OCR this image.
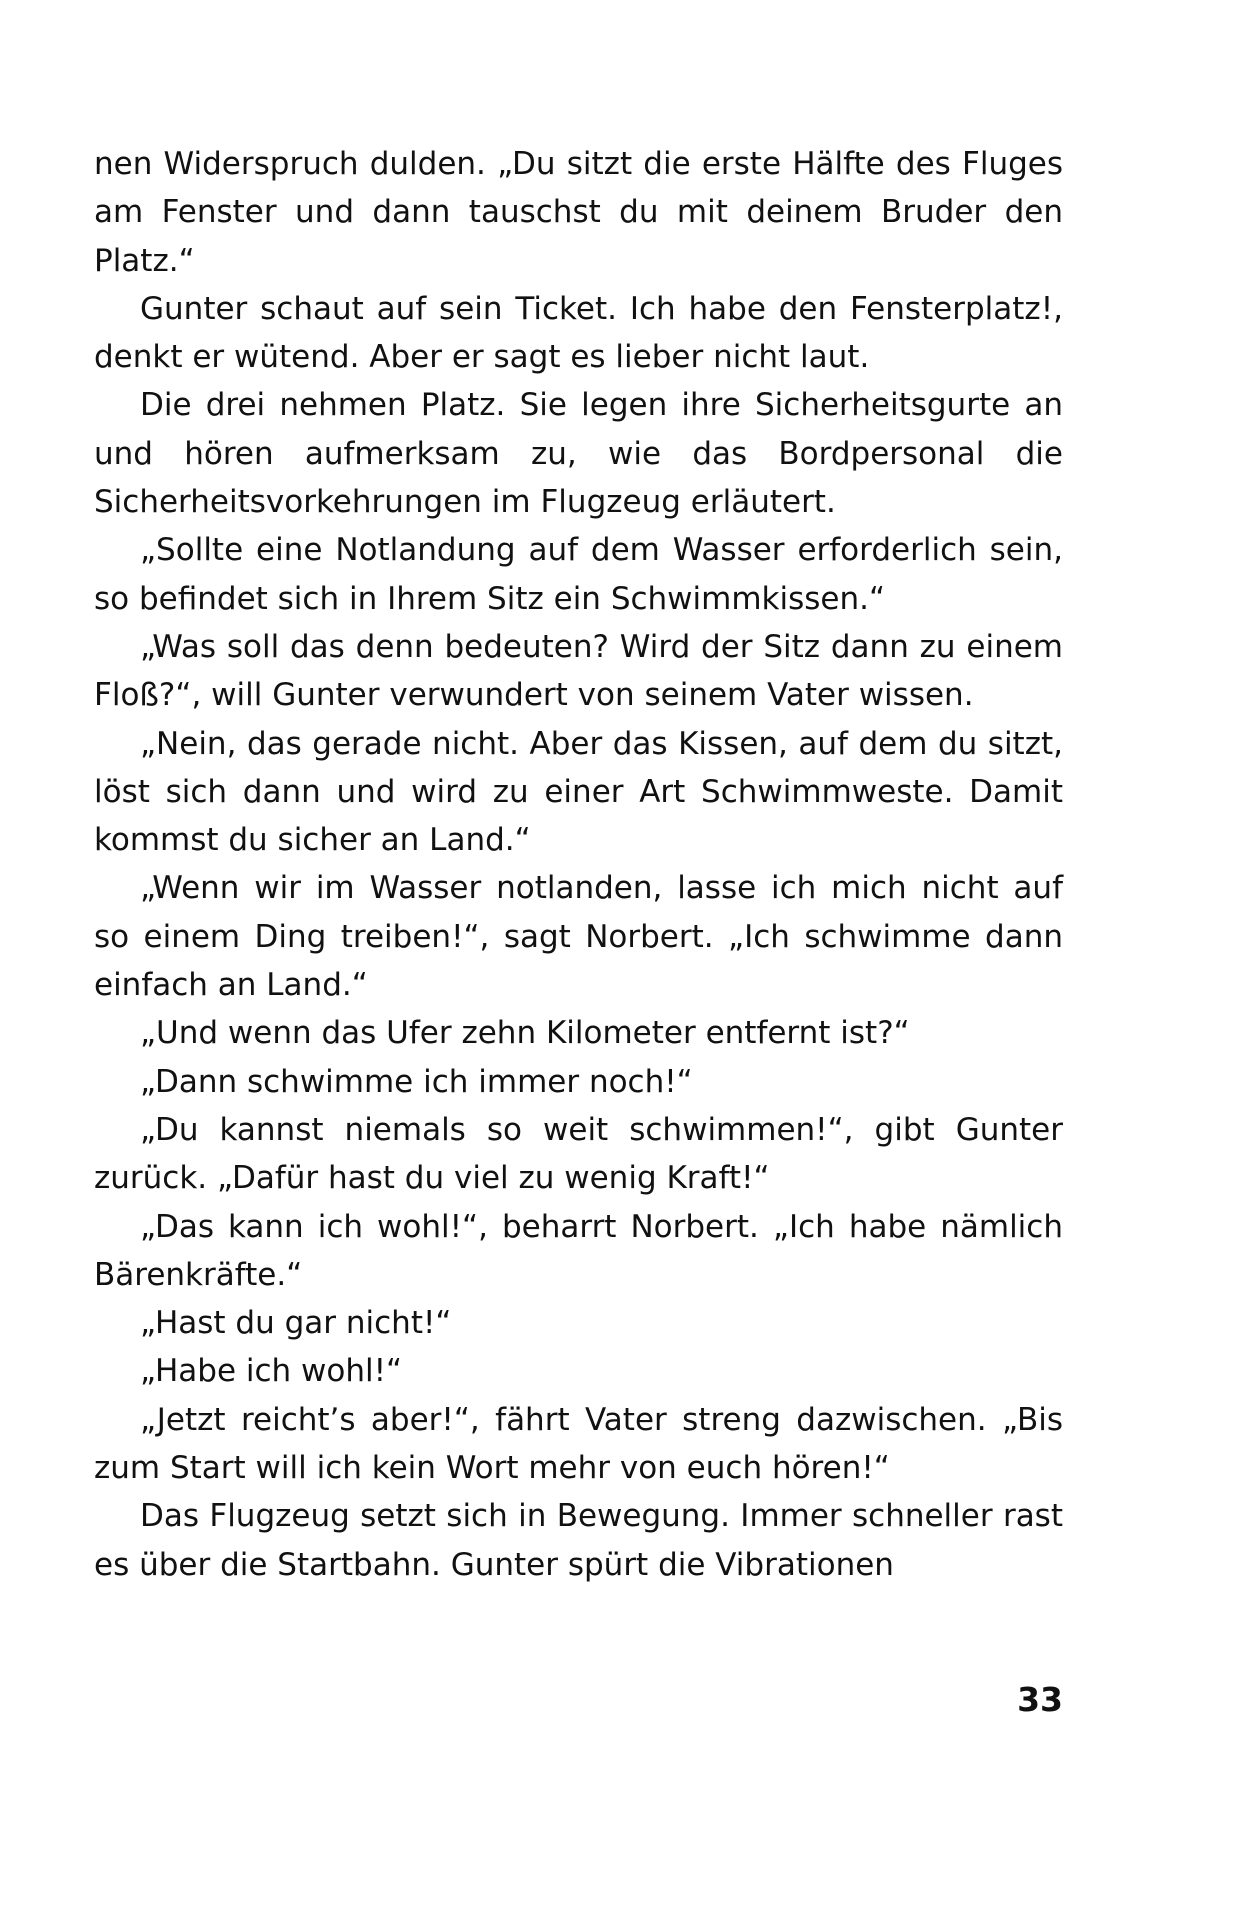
nen Widerspruch dulden. „Du sitzt die erste Hälfte des Fluges am Fenster und dann tauschst du mit deinem Bruder den Platz.“

Gunter schaut auf sein Ticket. Ich habe den Fensterplatz!, denkt er wütend. Aber er sagt es lieber nicht laut.

Die drei nehmen Platz. Sie legen ihre Sicherheitsgurte an und hören aufmerksam zu, wie das Bordpersonal die Sicherheitsvorkehrungen im Flugzeug erläutert.

„Sollte eine Notlandung auf dem Wasser erforderlich sein, so befindet sich in Ihrem Sitz ein Schwimmkissen.“

„Was soll das denn bedeuten? Wird der Sitz dann zu einem Floß?“, will Gunter verwundert von seinem Vater wissen.

„Nein, das gerade nicht. Aber das Kissen, auf dem du sitzt, löst sich dann und wird zu einer Art Schwimmweste. Damit kommst du sicher an Land.“

„Wenn wir im Wasser notlanden, lasse ich mich nicht auf so einem Ding treiben!“, sagt Norbert. „Ich schwimme dann einfach an Land.“

„Und wenn das Ufer zehn Kilometer entfernt ist?“

„Dann schwimme ich immer noch!“

„Du kannst niemals so weit schwimmen!“, gibt Gunter zurück. „Dafür hast du viel zu wenig Kraft!“

„Das kann ich wohl!“, beharrt Norbert. „Ich habe nämlich Bärenkräfte.“

„Hast du gar nicht!“

„Habe ich wohl!“

„Jetzt reicht’s aber!“, fährt Vater streng dazwischen. „Bis zum Start will ich kein Wort mehr von euch hören!“

Das Flugzeug setzt sich in Bewegung. Immer schneller rast es über die Startbahn. Gunter spürt die Vibrationen

33
